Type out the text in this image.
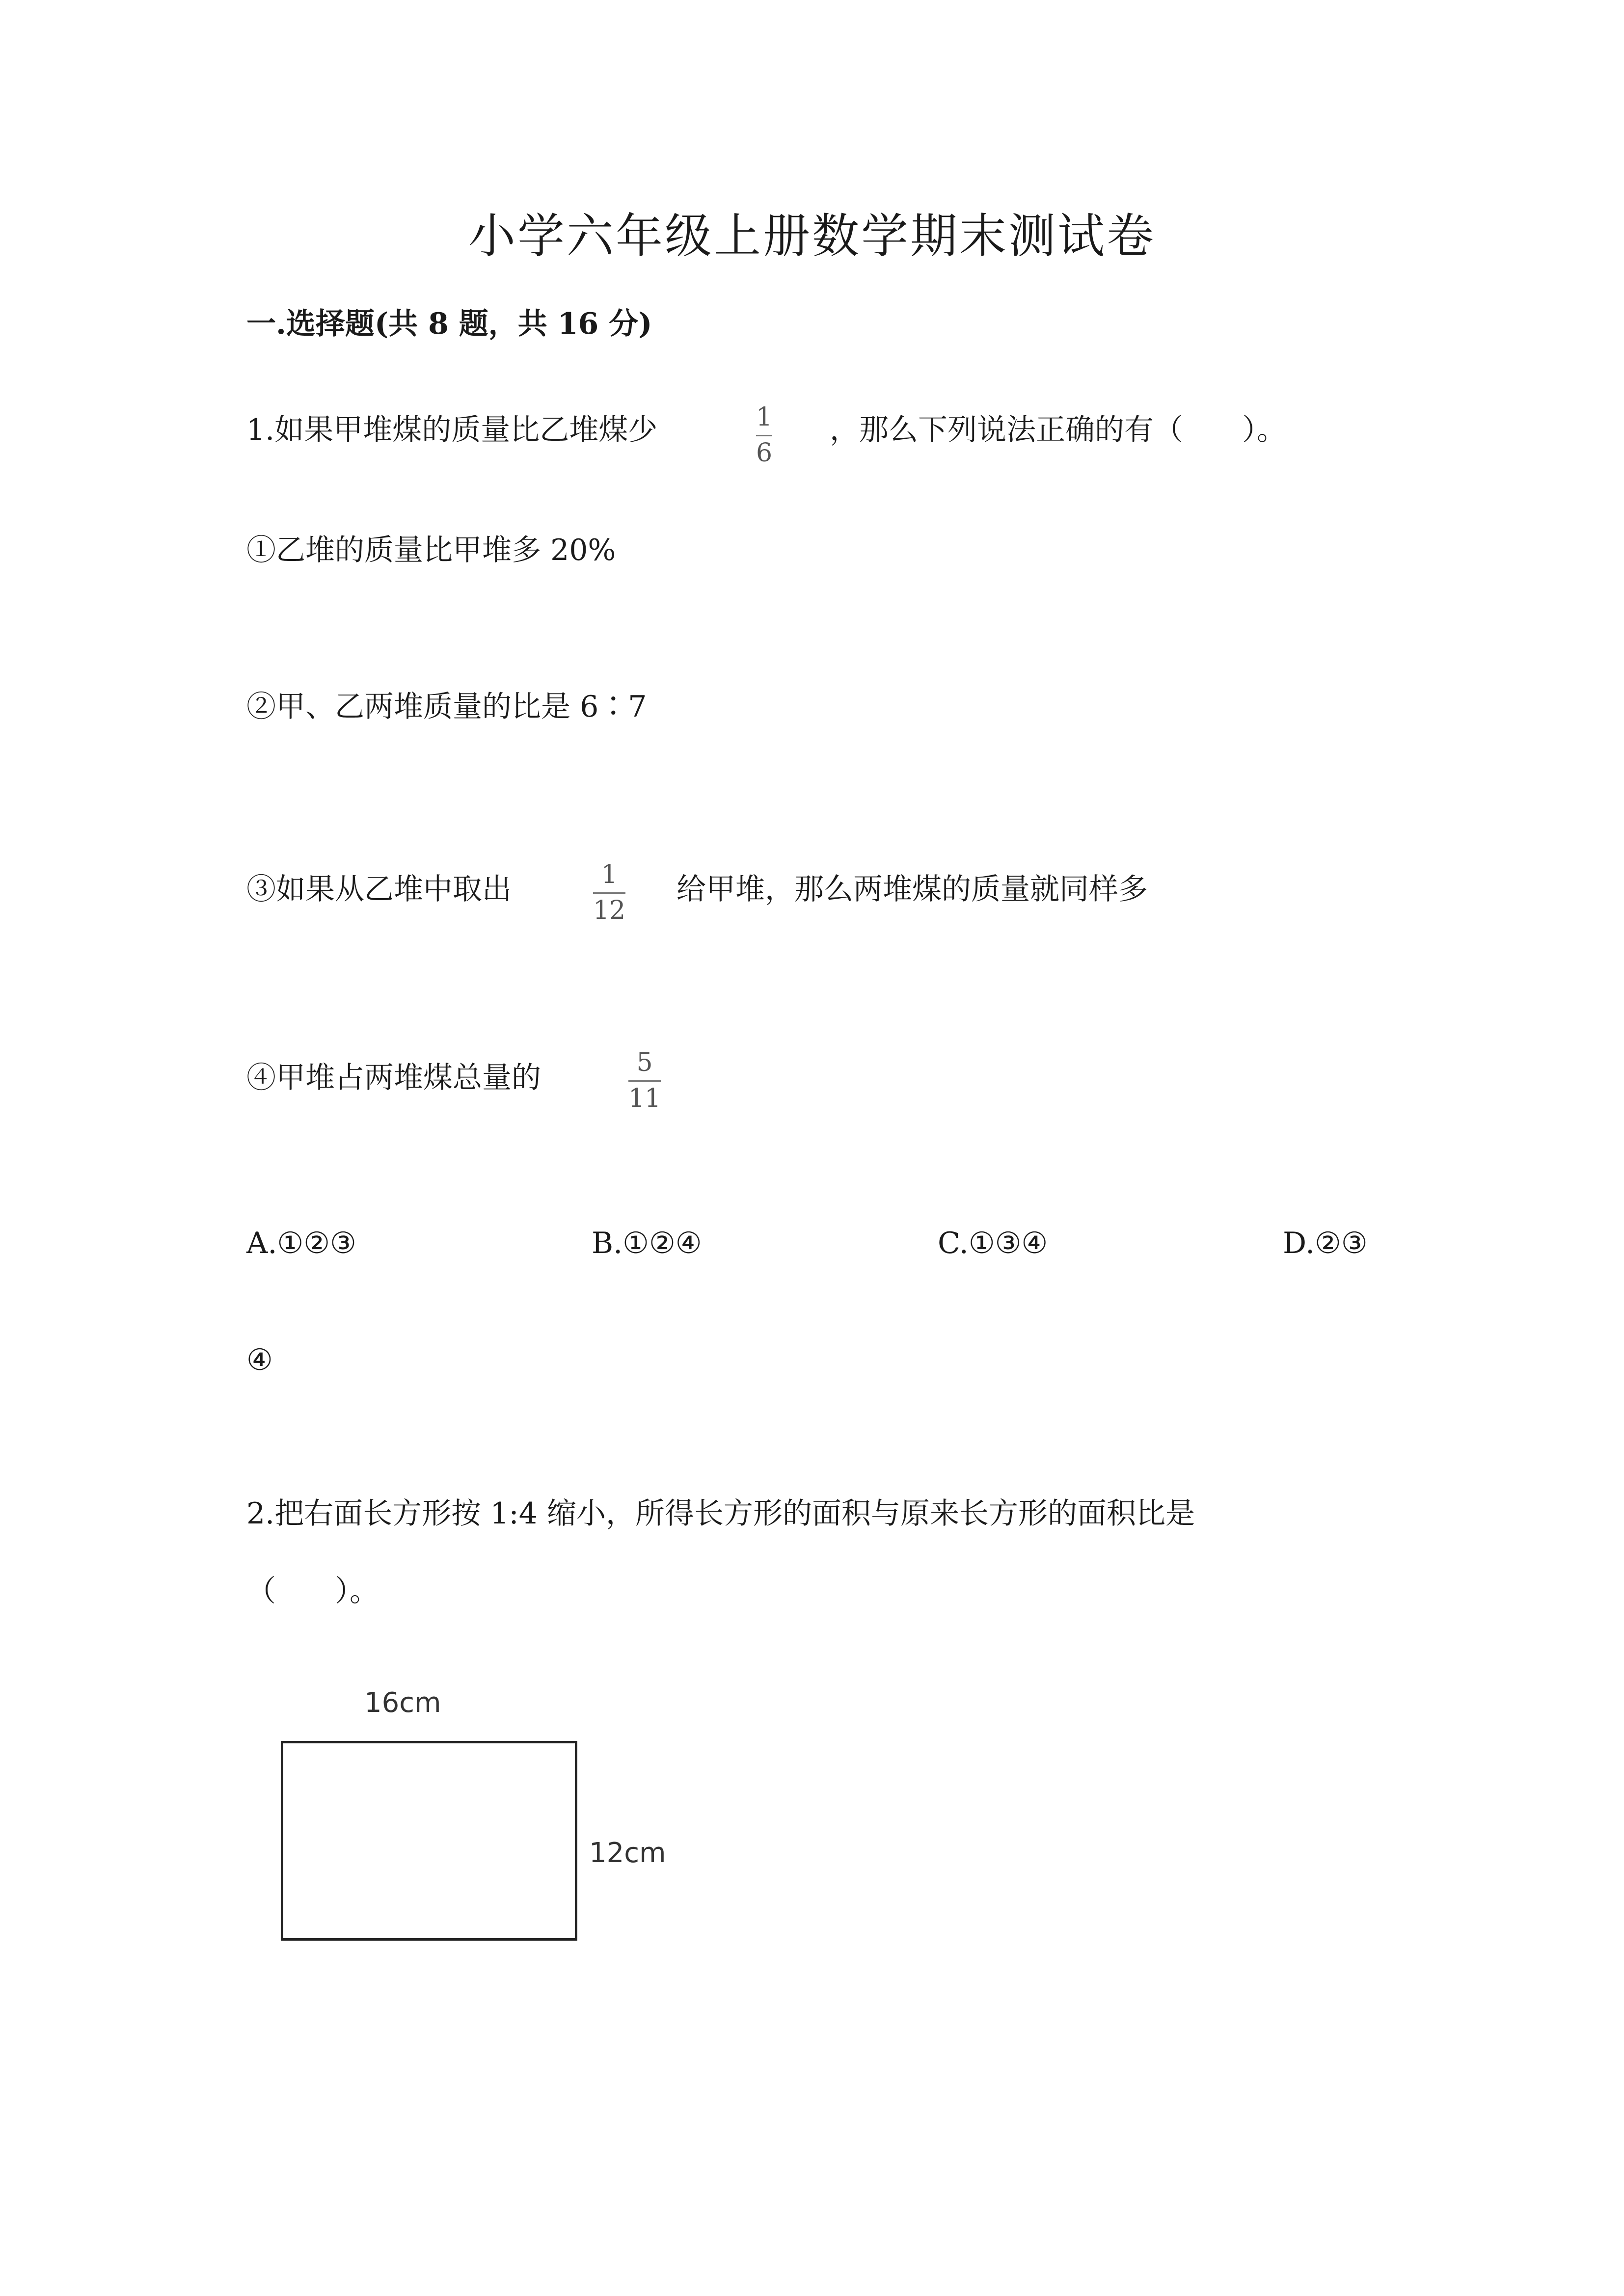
小学六年级上册数学期末测试卷
一.选择题(共 8 题，共 16 分)
1.如果甲堆煤的质量比乙堆煤少	1
6
，那么下列说法正确的有（　　）。
①乙堆的质量比甲堆多 20%
②甲、乙两堆质量的比是 6∶7
③如果从乙堆中取出	1
12
给甲堆，那么两堆煤的质量就同样多
④甲堆占两堆煤总量的	5
11
A.①②③	B.①②④	C.①③④	D.②③
④
2.把右面长方形按 1:4 缩小，所得长方形的面积与原来长方形的面积比是
（　　）。
16cm
12cm
